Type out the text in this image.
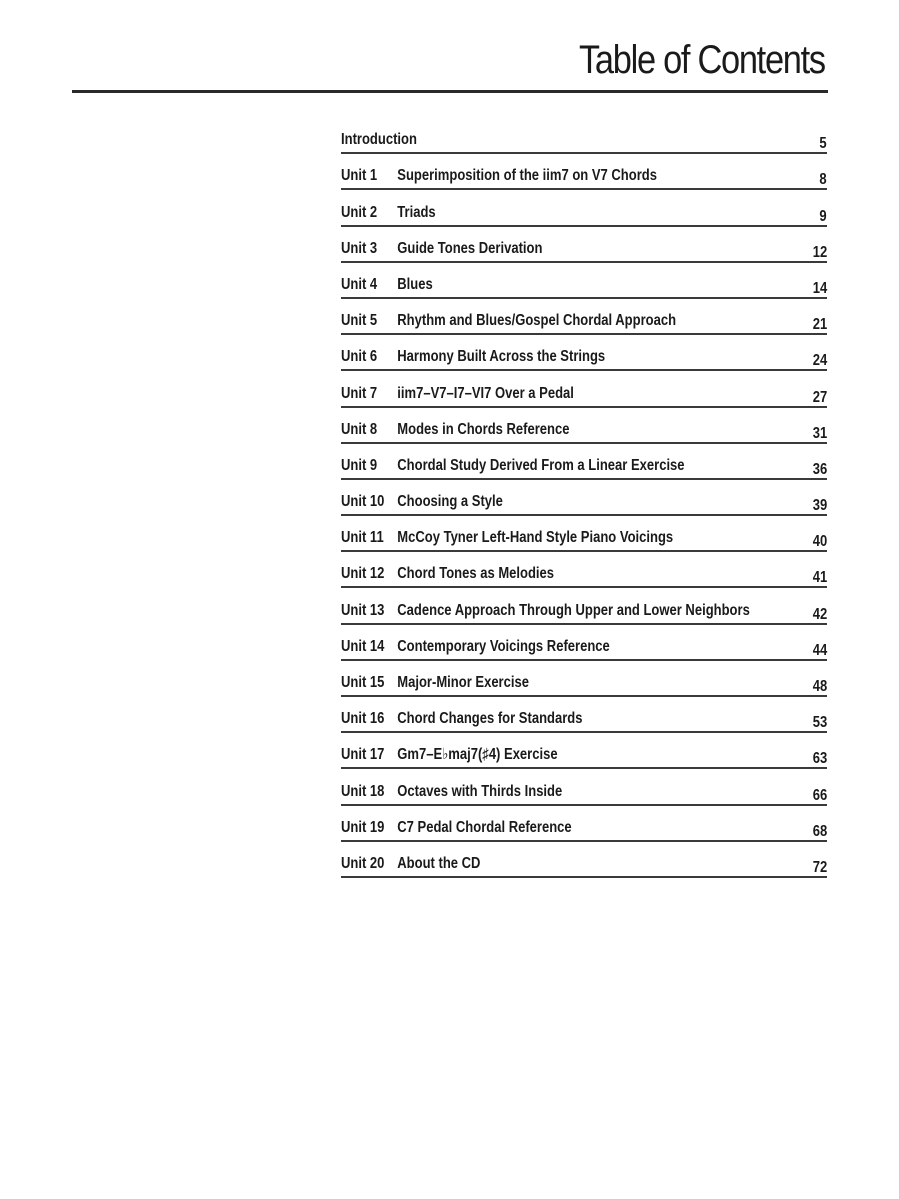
Table of Contents
Introduction	5
Unit 1 Superimposition of the iim7 on V7 Chords	8
Unit 2 Triads	9
Unit 3 Guide Tones Derivation	12
Unit 4 Blues	14
Unit 5 Rhythm and Blues/Gospel Chordal Approach	21
Unit 6 Harmony Built Across the Strings	24
Unit 7 iim7–V7–I7–VI7 Over a Pedal	27
Unit 8 Modes in Chords Reference	31
Unit 9 Chordal Study Derived From a Linear Exercise	36
Unit 10 Choosing a Style	39
Unit 11 McCoy Tyner Left-Hand Style Piano Voicings	40
Unit 12 Chord Tones as Melodies	41
Unit 13 Cadence Approach Through Upper and Lower Neighbors	42
Unit 14 Contemporary Voicings Reference	44
Unit 15 Major-Minor Exercise	48
Unit 16 Chord Changes for Standards	53
Unit 17 Gm7–E♭maj7(♯4) Exercise	63
Unit 18 Octaves with Thirds Inside	66
Unit 19 C7 Pedal Chordal Reference	68
Unit 20 About the CD	72
